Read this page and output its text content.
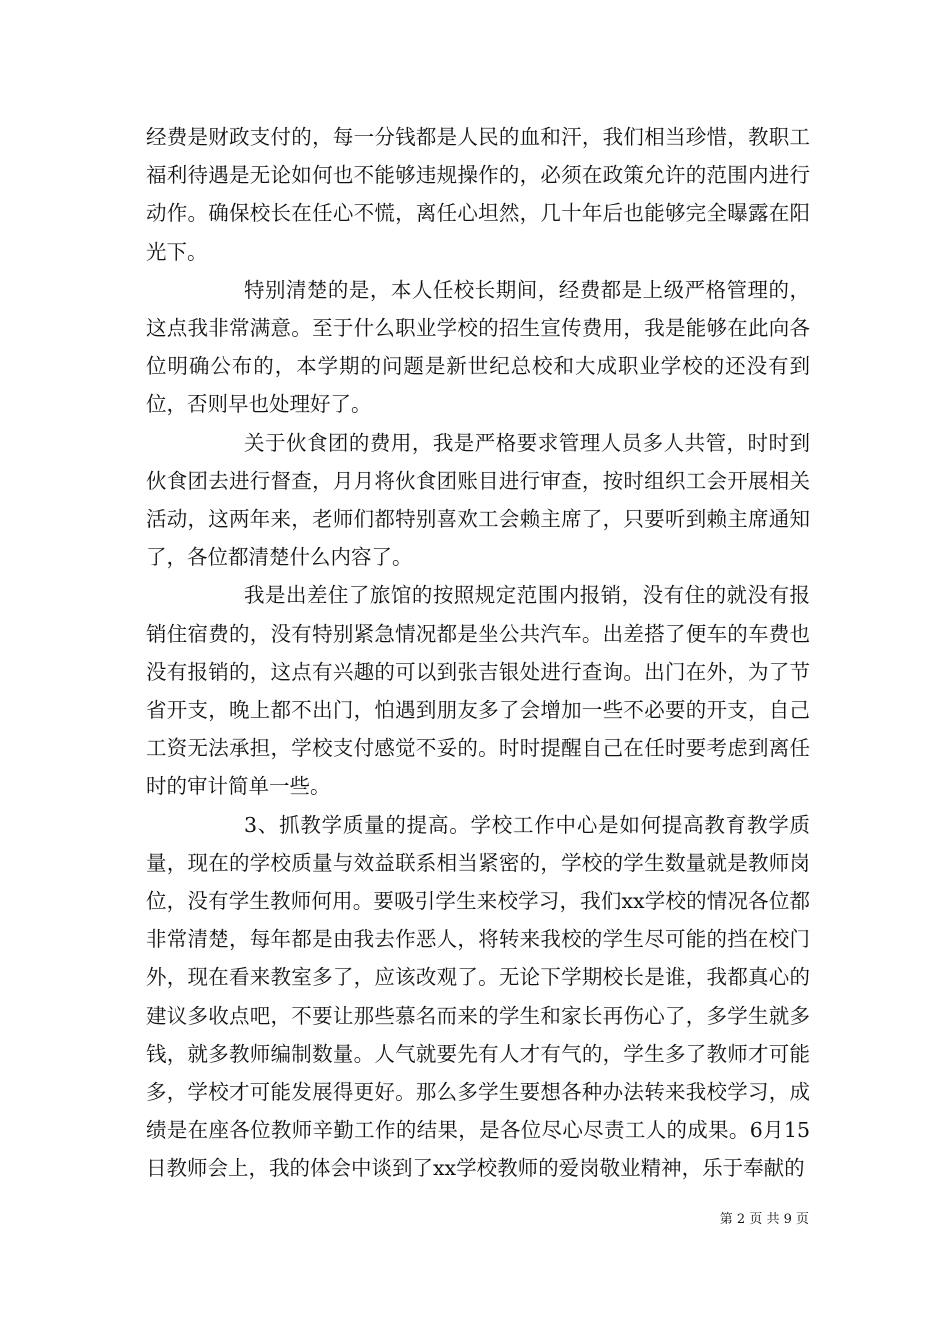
经费是财政支付的，每一分钱都是人民的血和汗，我们相当珍惜，教职工福利待遇是无论如何也不能够违规操作的，必须在政策允许的范围内进行动作。确保校长在任心不慌，离任心坦然，几十年后也能够完全曝露在阳光下。

特别清楚的是，本人任校长期间，经费都是上级严格管理的，这点我非常满意。至于什么职业学校的招生宣传费用，我是能够在此向各位明确公布的，本学期的问题是新世纪总校和大成职业学校的还没有到位，否则早也处理好了。

关于伙食团的费用，我是严格要求管理人员多人共管，时时到伙食团去进行督查，月月将伙食团账目进行审查，按时组织工会开展相关活动，这两年来，老师们都特别喜欢工会赖主席了，只要听到赖主席通知了，各位都清楚什么内容了。

我是出差住了旅馆的按照规定范围内报销，没有住的就没有报销住宿费的，没有特别紧急情况都是坐公共汽车。出差搭了便车的车费也没有报销的，这点有兴趣的可以到张吉银处进行查询。出门在外，为了节省开支，晚上都不出门，怕遇到朋友多了会增加一些不必要的开支，自己工资无法承担，学校支付感觉不妥的。时时提醒自己在任时要考虑到离任时的审计简单一些。

3、抓教学质量的提高。学校工作中心是如何提高教育教学质量，现在的学校质量与效益联系相当紧密的，学校的学生数量就是教师岗位，没有学生教师何用。要吸引学生来校学习，我们xx学校的情况各位都非常清楚，每年都是由我去作恶人，将转来我校的学生尽可能的挡在校门外，现在看来教室多了，应该改观了。无论下学期校长是谁，我都真心的建议多收点吧，不要让那些慕名而来的学生和家长再伤心了，多学生就多钱，就多教师编制数量。人气就要先有人才有气的，学生多了教师才可能多，学校才可能发展得更好。那么多学生要想各种办法转来我校学习，成绩是在座各位教师辛勤工作的结果，是各位尽心尽责工人的成果。6月15日教师会上，我的体会中谈到了xx学校教师的爱岗敬业精神，乐于奉献的

第 2 页 共 9 页
